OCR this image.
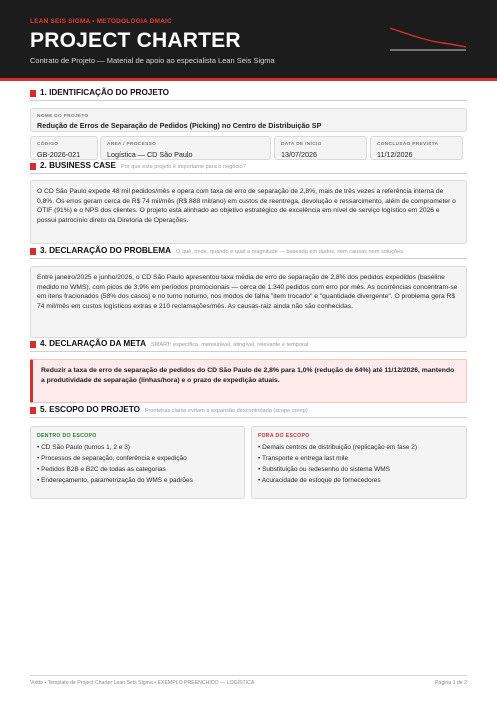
LEAN SEIS SIGMA • METODOLOGIA DMAIC
PROJECT CHARTER
Contrato de Projeto — Material de apoio ao especialista Lean Seis Sigma
1. IDENTIFICAÇÃO DO PROJETO
NOME DO PROJETO
Redução de Erros de Separação de Pedidos (Picking) no Centro de Distribuição SP
CÓDIGO
GB-2026-021
ÁREA / PROCESSO
Logística — CD São Paulo
DATA DE INÍCIO
13/07/2026
CONCLUSÃO PREVISTA
11/12/2026
2. BUSINESS CASE Por que este projeto é importante para o negócio?
O CD São Paulo expede 48 mil pedidos/mês e opera com taxa de erro de separação de 2,8%, mais de três vezes a referência interna de 0,8%. Os erros geram cerca de R$ 74 mil/mês (R$ 888 mil/ano) em custos de reentrega, devolução e ressarcimento, além de comprometer o OTIF (91%) e o NPS dos clientes. O projeto está alinhado ao objetivo estratégico de excelência em nível de serviço logístico em 2026 e possui patrocínio direto da Diretoria de Operações.
3. DECLARAÇÃO DO PROBLEMA O quê, onde, quando e qual a magnitude — baseada em dados, sem causas nem soluções.
Entre janeiro/2025 e junho/2026, o CD São Paulo apresentou taxa média de erro de separação de 2,8% dos pedidos expedidos (baseline medido no WMS), com picos de 3,9% em períodos promocionais — cerca de 1.340 pedidos com erro por mês. As ocorrências concentram-se em itens fracionados (58% dos casos) e no turno noturno, nos modos de falha "item trocado" e "quantidade divergente". O problema gera R$ 74 mil/mês em custos logísticos extras e 210 reclamações/mês. As causas-raiz ainda não são conhecidas.
4. DECLARAÇÃO DA META SMART: específica, mensurável, atingível, relevante e temporal
Reduzir a taxa de erro de separação de pedidos do CD São Paulo de 2,8% para 1,0% (redução de 64%) até 11/12/2026, mantendo a produtividade de separação (linhas/hora) e o prazo de expedição atuais.
5. ESCOPO DO PROJETO Fronteiras claras evitam a expansão descontrolada (scope creep)
DENTRO DO ESCOPO
• CD São Paulo (turnos 1, 2 e 3)
• Processos de separação, conferência e expedição
• Pedidos B2B e B2C de todas as categorias
• Endereçamento, parametrização do WMS e padrões
FORA DO ESCOPO
• Demais centros de distribuição (replicação em fase 2)
• Transporte e entrega last mile
• Substituição ou redesenho do sistema WMS
• Acuracidade de estoque de fornecedores
Voitto • Template de Project Charter Lean Seis Sigma • EXEMPLO PREENCHIDO — LOGÍSTICA	Página 1 de 2
